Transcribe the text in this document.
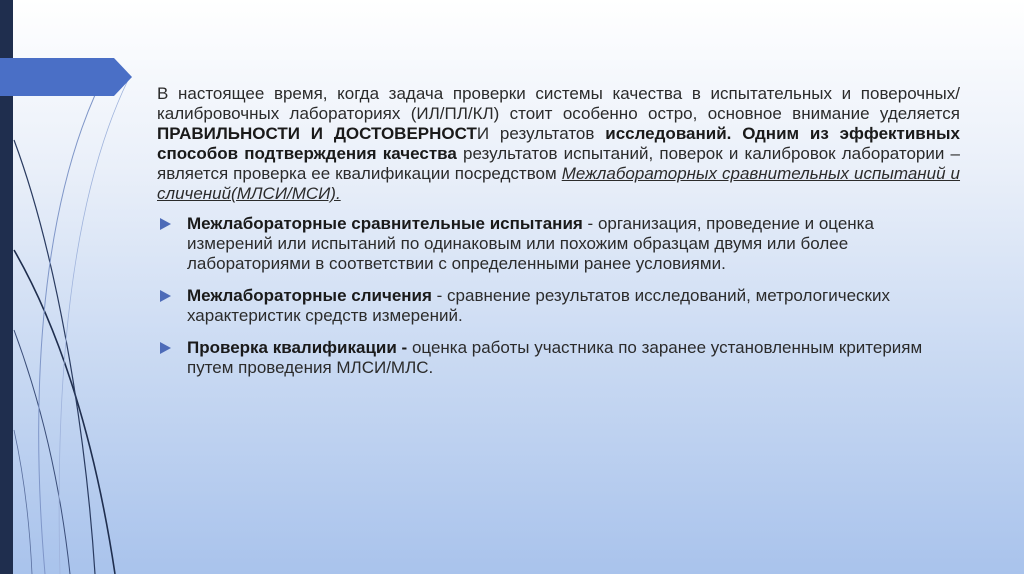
В настоящее время, когда задача проверки системы качества в испытательных и поверочных/калибровочных лабораториях (ИЛ/ПЛ/КЛ) стоит особенно остро, основное внимание уделяется ПРАВИЛЬНОСТИ И ДОСТОВЕРНОСТИ результатов исследований. Одним из эффективных способов подтверждения качества результатов испытаний, поверок и калибровок лаборатории – является проверка ее квалификации посредством Межлабораторных сравнительных испытаний и сличений(МЛСИ/МСИ).

Межлабораторные сравнительные испытания - организация, проведение и оценка измерений или испытаний по одинаковым или похожим образцам двумя или более лабораториями в соответствии с определенными ранее условиями.
Межлабораторные сличения - сравнение результатов исследований, метрологических характеристик средств измерений.
Проверка квалификации - оценка работы участника по заранее установленным критериям путем проведения МЛСИ/МЛС.
